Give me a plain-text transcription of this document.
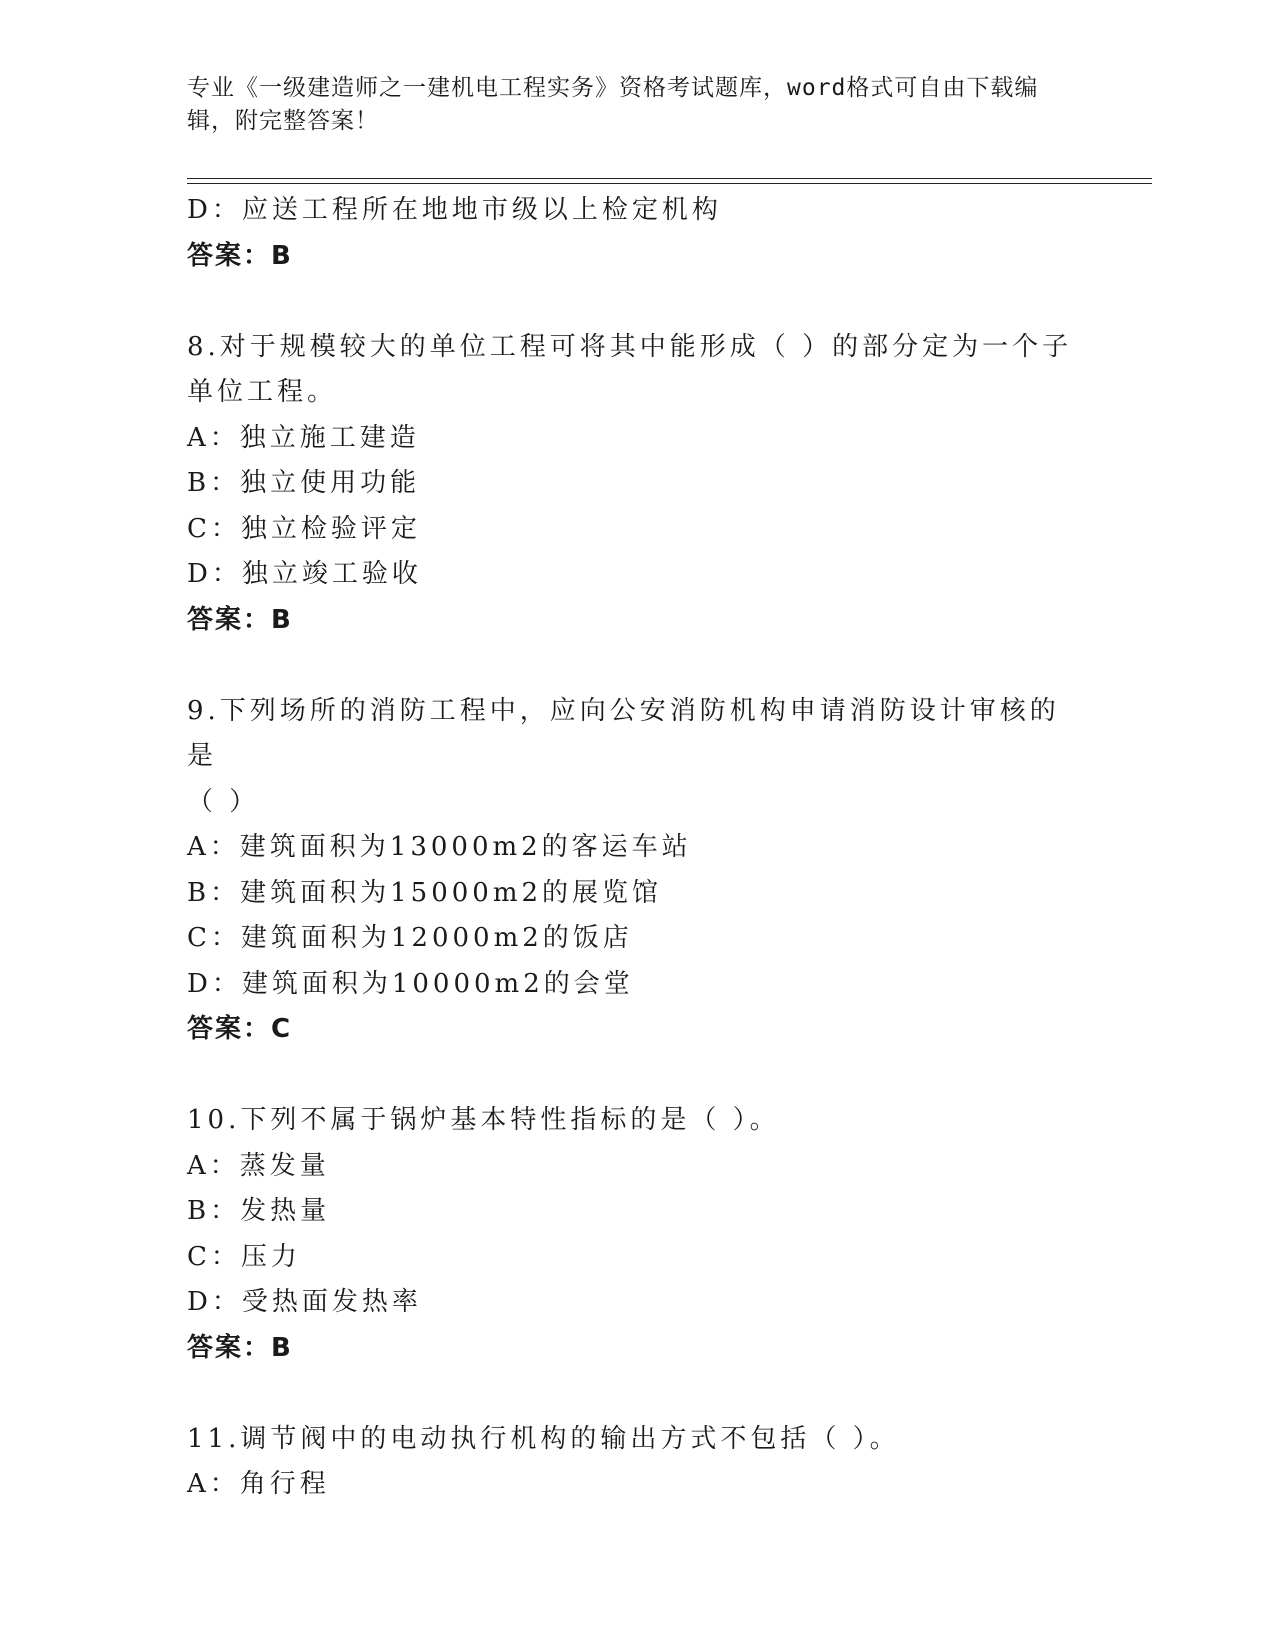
专业《一级建造师之一建机电工程实务》资格考试题库，word格式可自由下载编
辑，附完整答案！
D：应送工程所在地地市级以上检定机构
答案：B
8.对于规模较大的单位工程可将其中能形成（ ）的部分定为一个子
单位工程。
A：独立施工建造
B：独立使用功能
C：独立检验评定
D：独立竣工验收
答案：B
9.下列场所的消防工程中，应向公安消防机构申请消防设计审核的是
（ ）
A：建筑面积为13000m2的客运车站
B：建筑面积为15000m2的展览馆
C：建筑面积为12000m2的饭店
D：建筑面积为10000m2的会堂
答案：C
10.下列不属于锅炉基本特性指标的是（ ）。
A：蒸发量
B：发热量
C：压力
D：受热面发热率
答案：B
11.调节阀中的电动执行机构的输出方式不包括（ ）。
A：角行程
